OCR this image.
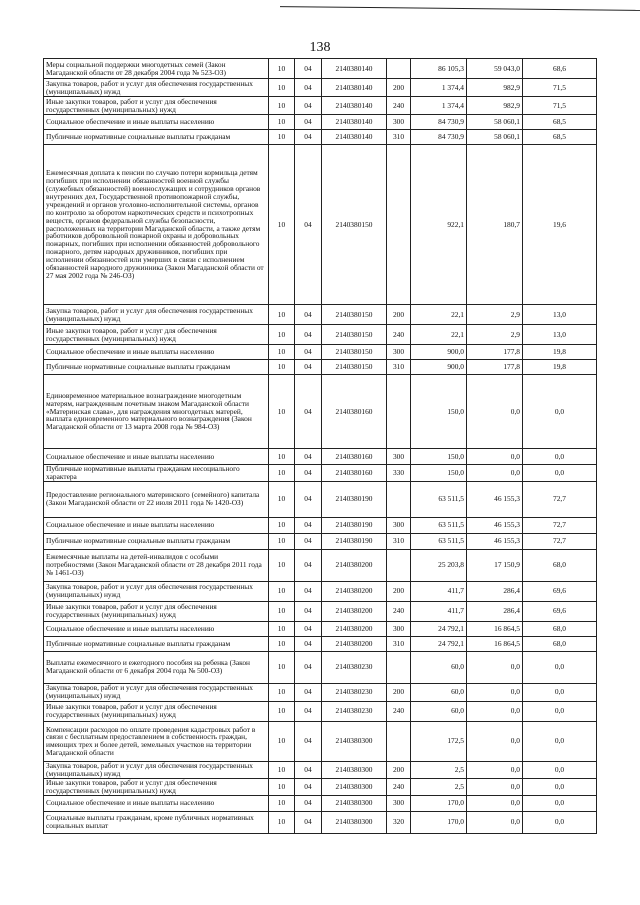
138
Меры социальной поддержки многодетных семей (Закон Магаданской области от 28 декабря 2004 года № 523-ОЗ)	10	04	2140380140		86 105,3	59 043,0	68,6
Закупка товаров, работ и услуг для обеспечения государственных (муниципальных) нужд	10	04	2140380140	200	1 374,4	982,9	71,5
Иные закупки товаров, работ и услуг для обеспечения государственных (муниципальных) нужд	10	04	2140380140	240	1 374,4	982,9	71,5
Социальное обеспечение и иные выплаты населению	10	04	2140380140	300	84 730,9	58 060,1	68,5
Публичные нормативные социальные выплаты гражданам	10	04	2140380140	310	84 730,9	58 060,1	68,5
Ежемесячная доплата к пенсии по случаю потери кормильца детям погибших при исполнении обязанностей военной службы (служебных обязанностей) военнослужащих и сотрудников органов внутренних дел, Государственной противопожарной службы, учреждений и органов уголовно-исполнительной системы, органов по контролю за оборотом наркотических средств и психотропных веществ, органов федеральной службы безопасности, расположенных на территории Магаданской области, а также детям работников добровольной пожарной охраны и добровольных пожарных, погибших при исполнении обязанностей добровольного пожарного, детям народных дружинников, погибших при исполнении обязанностей или умерших в связи с исполнением обязанностей народного дружинника (Закон Магаданской области от 27 мая 2002 года № 246-ОЗ)	10	04	2140380150		922,1	180,7	19,6
Закупка товаров, работ и услуг для обеспечения государственных (муниципальных) нужд	10	04	2140380150	200	22,1	2,9	13,0
Иные закупки товаров, работ и услуг для обеспечения государственных (муниципальных) нужд	10	04	2140380150	240	22,1	2,9	13,0
Социальное обеспечение и иные выплаты населению	10	04	2140380150	300	900,0	177,8	19,8
Публичные нормативные социальные выплаты гражданам	10	04	2140380150	310	900,0	177,8	19,8
Единовременное материальное вознаграждение многодетным матерям, награжденным почетным знаком Магаданской области «Материнская слава», для награждения многодетных матерей, выплата единовременного материального вознаграждения (Закон Магаданской области от 13 марта 2008 года № 984-ОЗ)	10	04	2140380160		150,0	0,0	0,0
Социальное обеспечение и иные выплаты населению	10	04	2140380160	300	150,0	0,0	0,0
Публичные нормативные выплаты гражданам несоциального характера	10	04	2140380160	330	150,0	0,0	0,0
Предоставление регионального материнского (семейного) капитала (Закон Магаданской области от 22 июля 2011 года № 1420-ОЗ)	10	04	2140380190		63 511,5	46 155,3	72,7
Социальное обеспечение и иные выплаты населению	10	04	2140380190	300	63 511,5	46 155,3	72,7
Публичные нормативные социальные выплаты гражданам	10	04	2140380190	310	63 511,5	46 155,3	72,7
Ежемесячные выплаты на детей-инвалидов с особыми потребностями (Закон Магаданской области от 28 декабря 2011 года № 1461-ОЗ)	10	04	2140380200		25 203,8	17 150,9	68,0
Закупка товаров, работ и услуг для обеспечения государственных (муниципальных) нужд	10	04	2140380200	200	411,7	286,4	69,6
Иные закупки товаров, работ и услуг для обеспечения государственных (муниципальных) нужд	10	04	2140380200	240	411,7	286,4	69,6
Социальное обеспечение и иные выплаты населению	10	04	2140380200	300	24 792,1	16 864,5	68,0
Публичные нормативные социальные выплаты гражданам	10	04	2140380200	310	24 792,1	16 864,5	68,0
Выплаты ежемесячного и ежегодного пособия на ребенка (Закон Магаданской области от 6 декабря 2004 года № 500-ОЗ)	10	04	2140380230		60,0	0,0	0,0
Закупка товаров, работ и услуг для обеспечения государственных (муниципальных) нужд	10	04	2140380230	200	60,0	0,0	0,0
Иные закупки товаров, работ и услуг для обеспечения государственных (муниципальных) нужд	10	04	2140380230	240	60,0	0,0	0,0
Компенсации расходов по оплате проведения кадастровых работ в связи с бесплатным предоставлением в собственность граждан, имеющих трех и более детей, земельных участков на территории Магаданской области	10	04	2140380300		172,5	0,0	0,0
Закупка товаров, работ и услуг для обеспечения государственных (муниципальных) нужд	10	04	2140380300	200	2,5	0,0	0,0
Иные закупки товаров, работ и услуг для обеспечения государственных (муниципальных) нужд	10	04	2140380300	240	2,5	0,0	0,0
Социальное обеспечение и иные выплаты населению	10	04	2140380300	300	170,0	0,0	0,0
Социальные выплаты гражданам, кроме публичных нормативных социальных выплат	10	04	2140380300	320	170,0	0,0	0,0
